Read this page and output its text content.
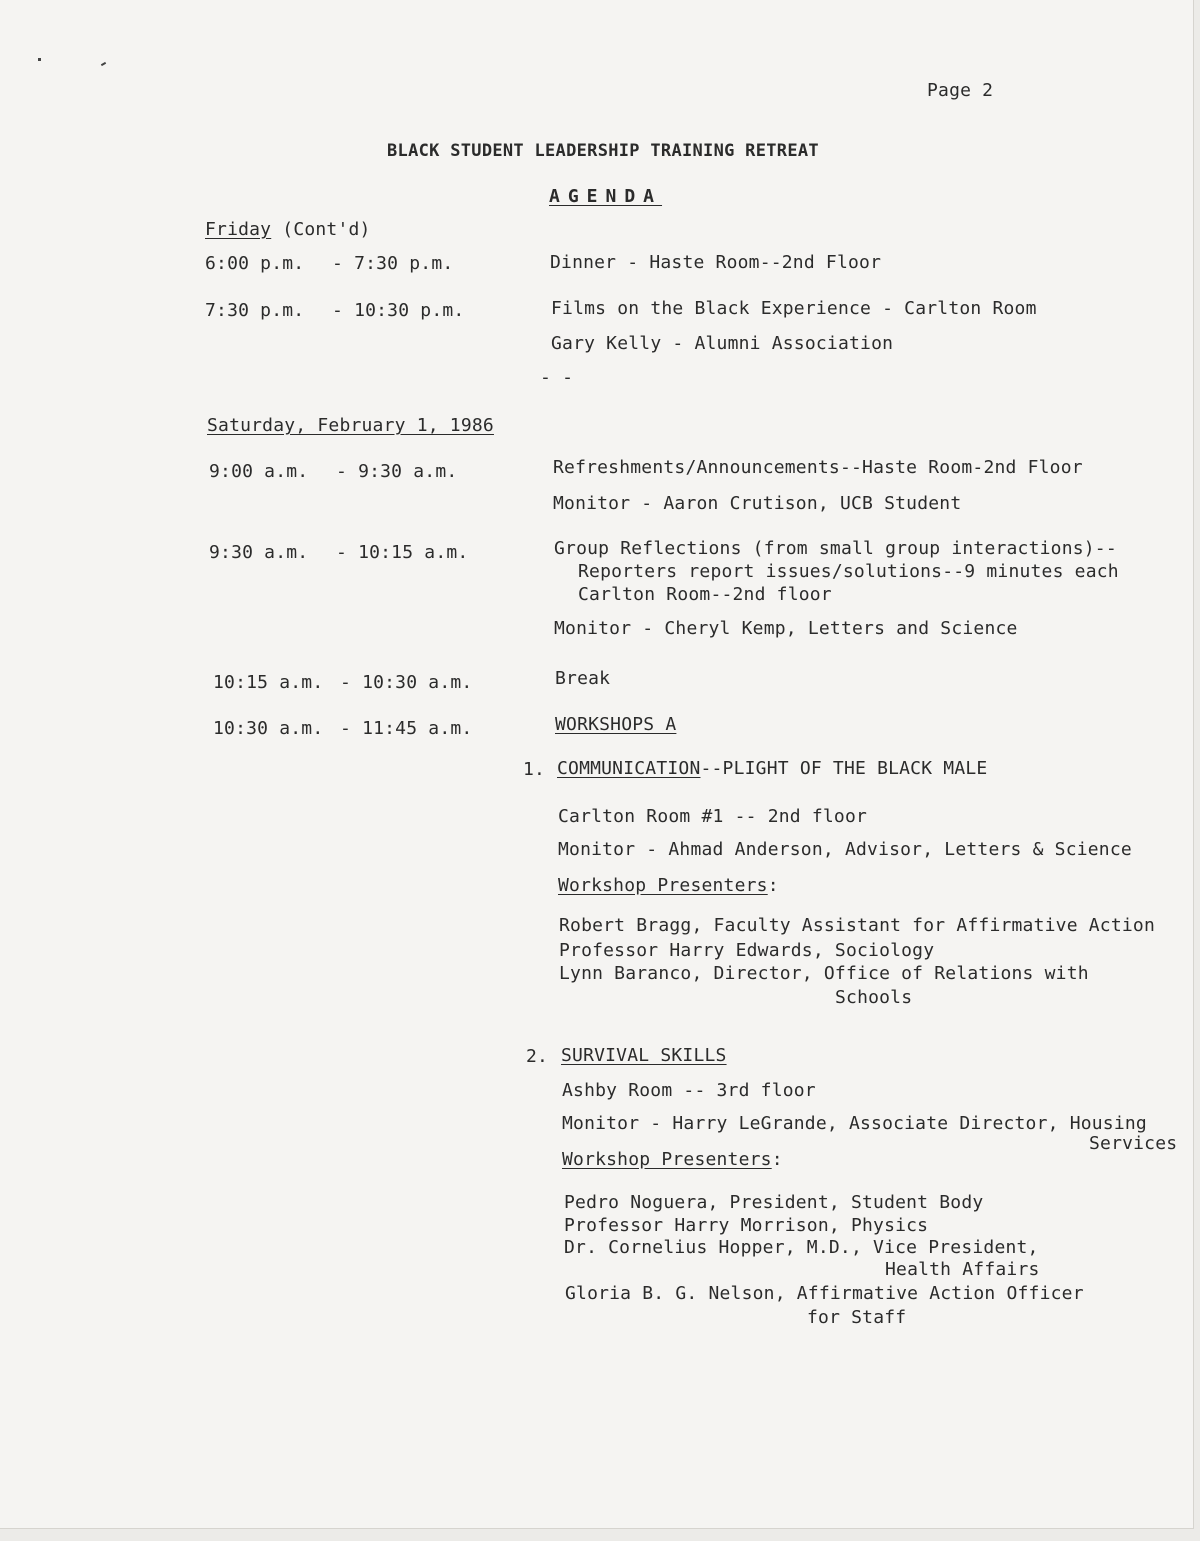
Page 2
BLACK STUDENT LEADERSHIP TRAINING RETREAT
AGENDA
Friday (Cont'd)
6:00 p.m. - 7:30 p.m.	Dinner - Haste Room--2nd Floor
7:30 p.m. - 10:30 p.m.	Films on the Black Experience - Carlton Room
Gary Kelly - Alumni Association
- -
Saturday, February 1, 1986
9:00 a.m. - 9:30 a.m.	Refreshments/Announcements--Haste Room-2nd Floor
Monitor - Aaron Crutison, UCB Student
9:30 a.m. - 10:15 a.m.	Group Reflections (from small group interactions)--
Reporters report issues/solutions--9 minutes each
Carlton Room--2nd floor
Monitor - Cheryl Kemp, Letters and Science
10:15 a.m. - 10:30 a.m.	Break
10:30 a.m. - 11:45 a.m.	WORKSHOPS A
1. COMMUNICATION--PLIGHT OF THE BLACK MALE
Carlton Room #1 -- 2nd floor
Monitor - Ahmad Anderson, Advisor, Letters & Science
Workshop Presenters:
Robert Bragg, Faculty Assistant for Affirmative Action
Professor Harry Edwards, Sociology
Lynn Baranco, Director, Office of Relations with
Schools
2. SURVIVAL SKILLS
Ashby Room -- 3rd floor
Monitor - Harry LeGrande, Associate Director, Housing
Services
Workshop Presenters:
Pedro Noguera, President, Student Body
Professor Harry Morrison, Physics
Dr. Cornelius Hopper, M.D., Vice President,
Health Affairs
Gloria B. G. Nelson, Affirmative Action Officer
for Staff
